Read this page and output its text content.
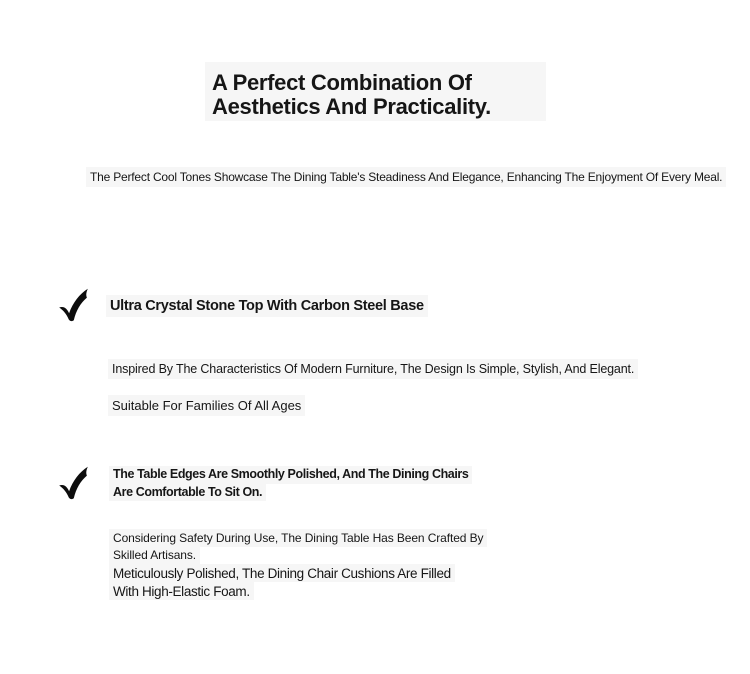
A Perfect Combination Of
Aesthetics And Practicality.
The Perfect Cool Tones Showcase The Dining Table's Steadiness And Elegance, Enhancing The Enjoyment Of Every Meal.
Ultra Crystal Stone Top With Carbon Steel Base
Inspired By The Characteristics Of Modern Furniture, The Design Is Simple, Stylish, And Elegant.
Suitable For Families Of All Ages
The Table Edges Are Smoothly Polished, And The Dining Chairs
Are Comfortable To Sit On.
Considering Safety During Use, The Dining Table Has Been Crafted By
Skilled Artisans.
Meticulously Polished, The Dining Chair Cushions Are Filled
With High-Elastic Foam.
